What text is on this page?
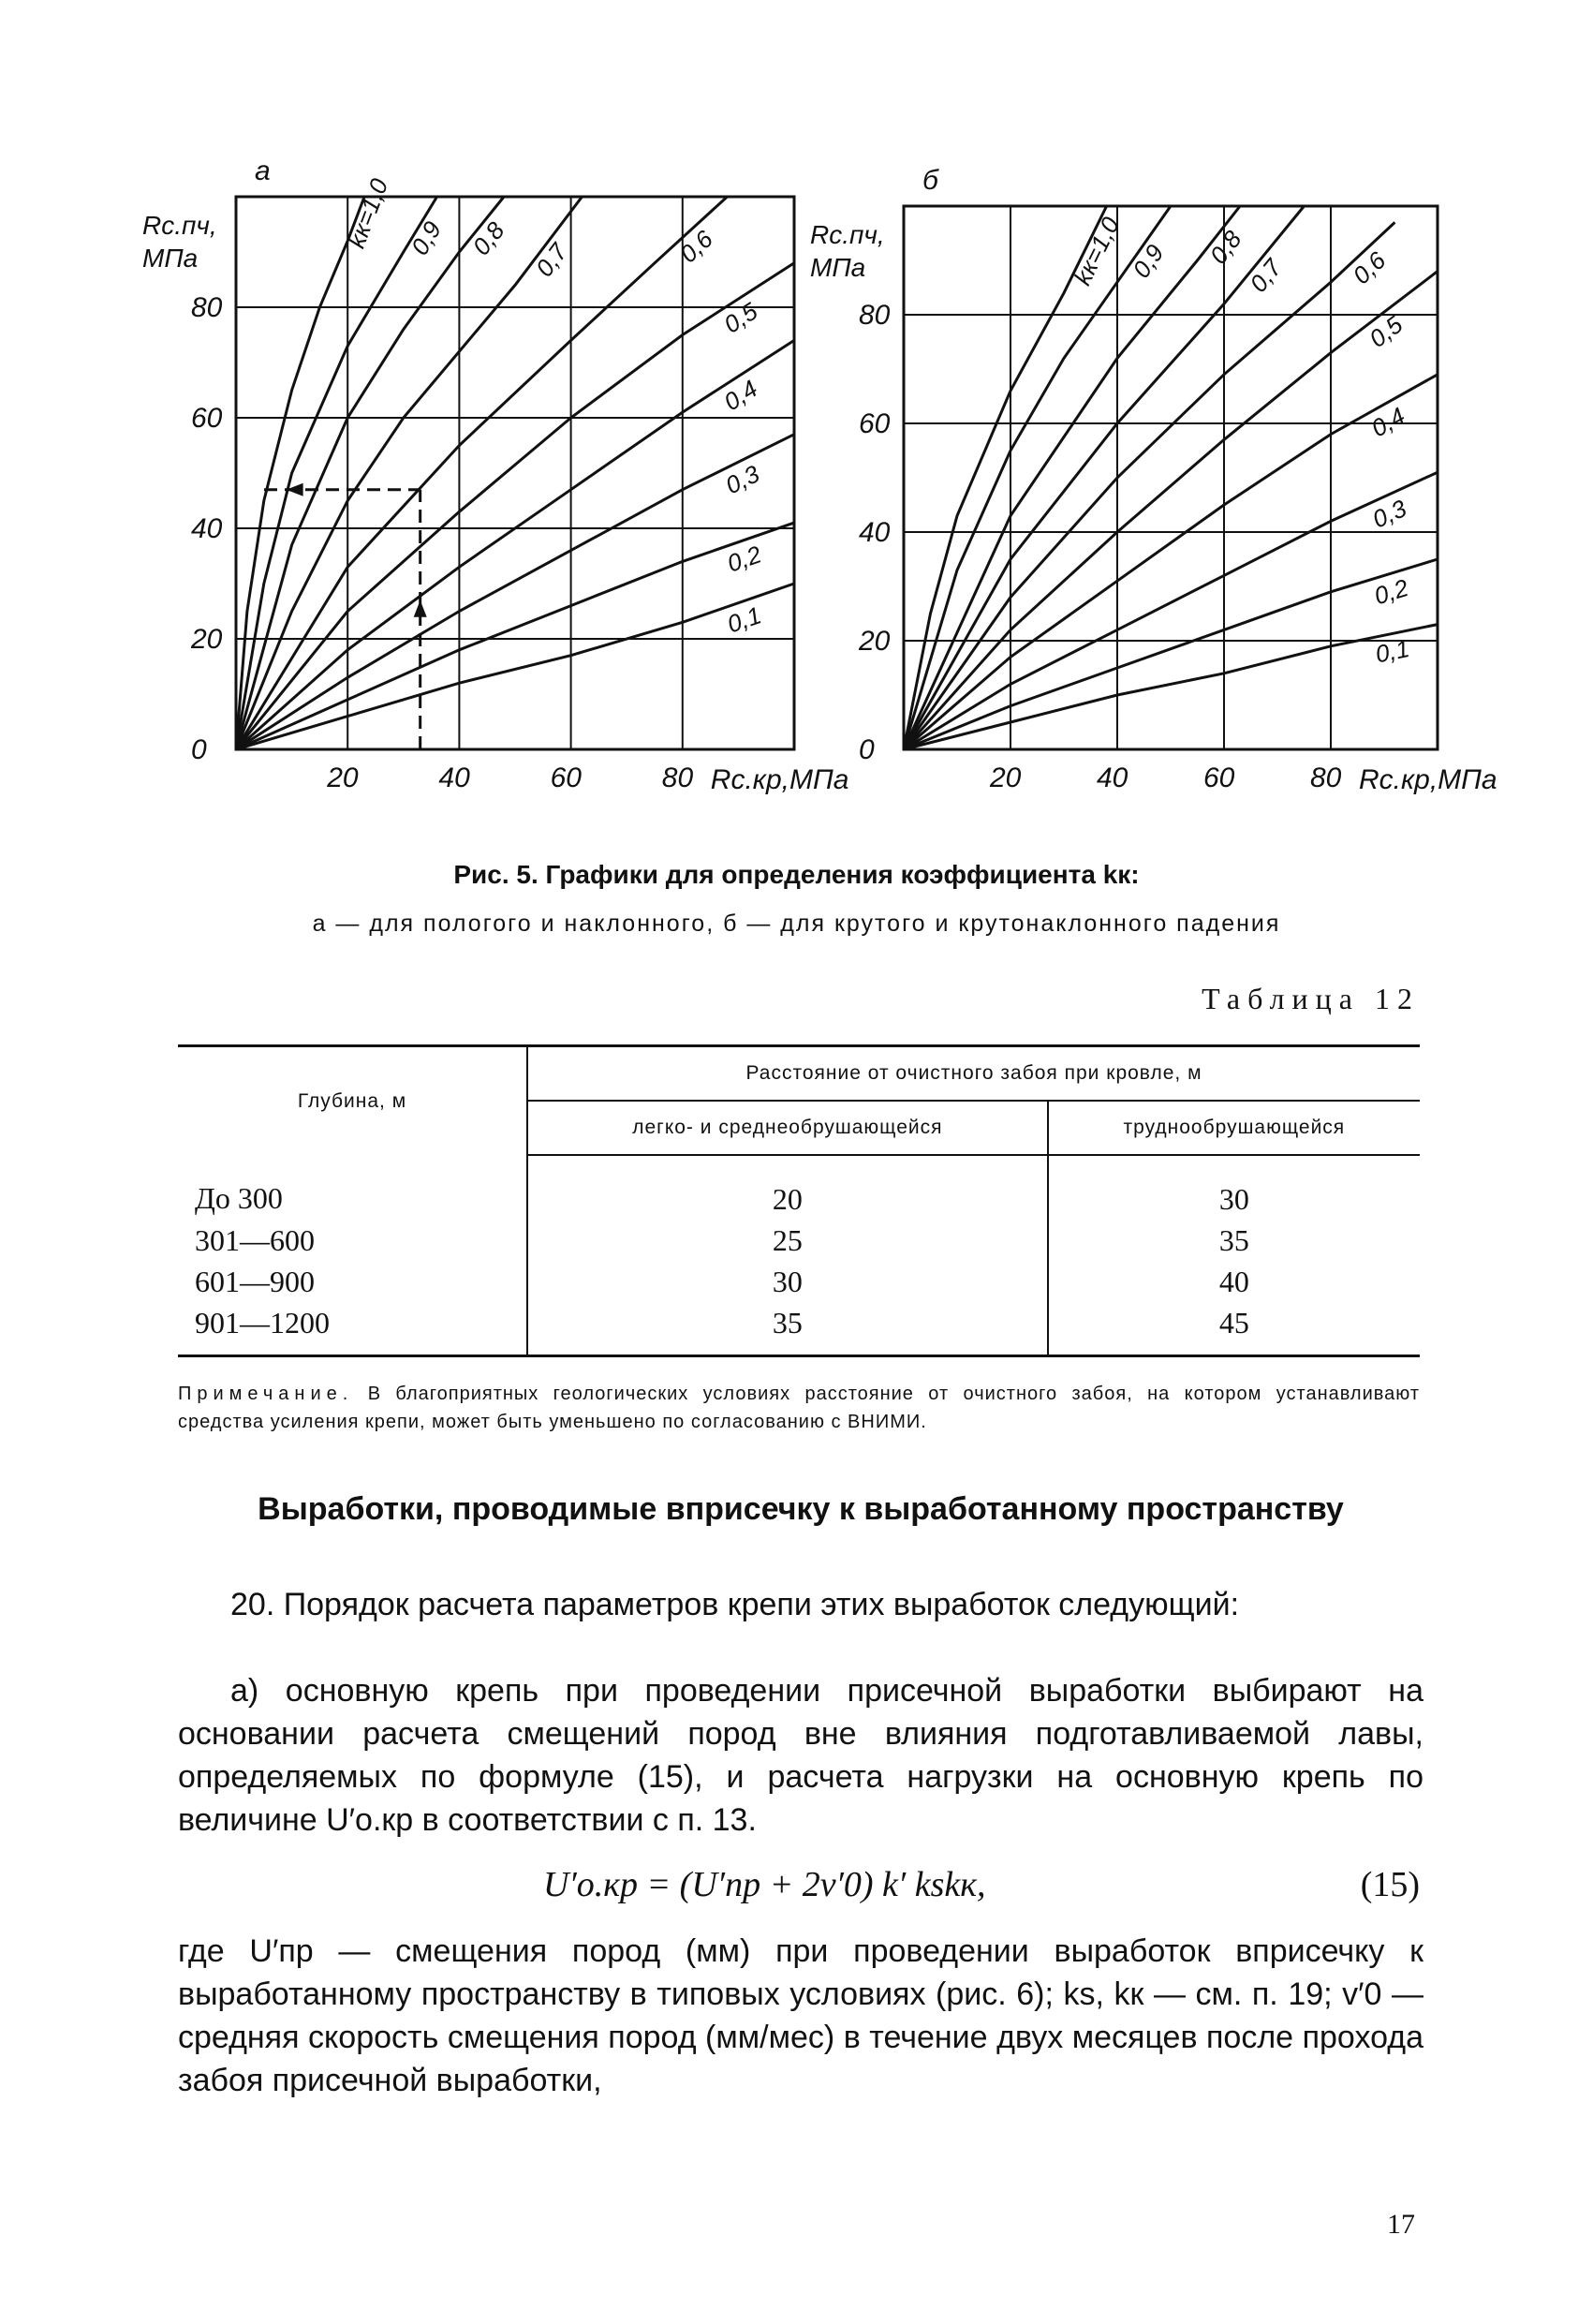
20	40	60	80
0
20
40
60
80
Rс.кр,МПа
Rс.пч,
МПа
а
kк=1,0 0,9 0,8 0,7	0,6
0,5
0,4
0,3
0,2
0,1
20	40	60	80
0
20
40
60
80
Rс.кр,МПа
Rс.пч,
МПа
б
kк=1,0 0,9 0,8
0,7 0,6
0,5
0,4
0,3
0,2
0,1
Рис. 5. Графики для определения коэффициента kк:
а — для пологого и наклонного, б — для крутого и крутонаклонного падения
Таблица 12
Глубина, м	Расстояние от очистного забоя при кровле, м	
	легко- и среднеобрушающейся	труднообрушающейся
До 300	20	30
301—600	25	35
601—900	30	40
901—1200	35	45
Примечание. В благоприятных геологических условиях расстояние от очистного забоя, на котором устанавливают средства усиления крепи, может быть уменьшено по согласованию с ВНИМИ.
Выработки, проводимые вприсечку к выработанному пространству
20. Порядок расчета параметров крепи этих выработок следующий:
а) основную крепь при проведении присечной выработки выбирают на основании расчета смещений пород вне влияния подготавливаемой лавы, определяемых по формуле (15), и расчета нагрузки на основную крепь по величине U′о.кр в соответствии с п. 13.
U′о.кр = (U′пр + 2v′0) k′ kskк,	(15)
где U′пр — смещения пород (мм) при проведении выработок вприсечку к выработанному пространству в типовых условиях (рис. 6); ks, kк — см. п. 19; v′0 — средняя скорость смещения пород (мм/мес) в течение двух месяцев после прохода забоя присечной выработки,
17
